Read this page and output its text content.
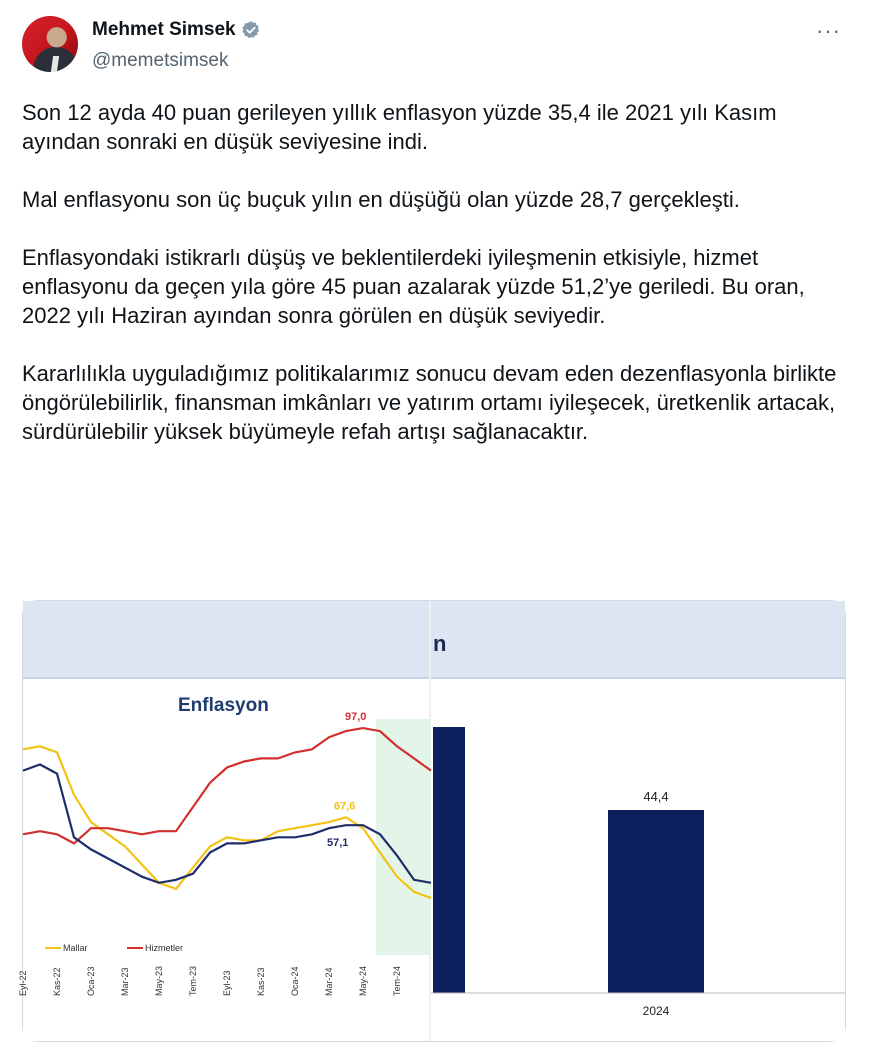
Mehmet Simsek
@memetsimsek
···

Son 12 ayda 40 puan gerileyen yıllık enflasyon yüzde 35,4 ile 2021 yılı Kasım ayından sonraki en düşük seviyesine indi.

Mal enflasyonu son üç buçuk yılın en düşüğü olan yüzde 28,7 gerçekleşti.

Enflasyondaki istikrarlı düşüş ve beklentilerdeki iyileşmenin etkisiyle, hizmet enflasyonu da geçen yıla göre 45 puan azalarak yüzde 51,2’ye geriledi. Bu oran, 2022 yılı Haziran ayından sonra görülen en düşük seviyedir.

Kararlılıkla uyguladığımız politikalarımız sonucu devam eden dezenflasyonla birlikte öngörülebilirlik, finansman imkânları ve yatırım ortamı iyileşecek, üretkenlik artacak, sürdürülebilir yüksek büyümeyle refah artışı sağlanacaktır.

n
Enflasyon
97,0
67,6
57,1
Eyl-22	Kas-22	Oca-23	Mar-23	May-23	Tem-23	Eyl-23	Kas-23	Oca-24	Mar-24	May-24	Tem-24
Mallar	Hizmetler
44,4
2024
